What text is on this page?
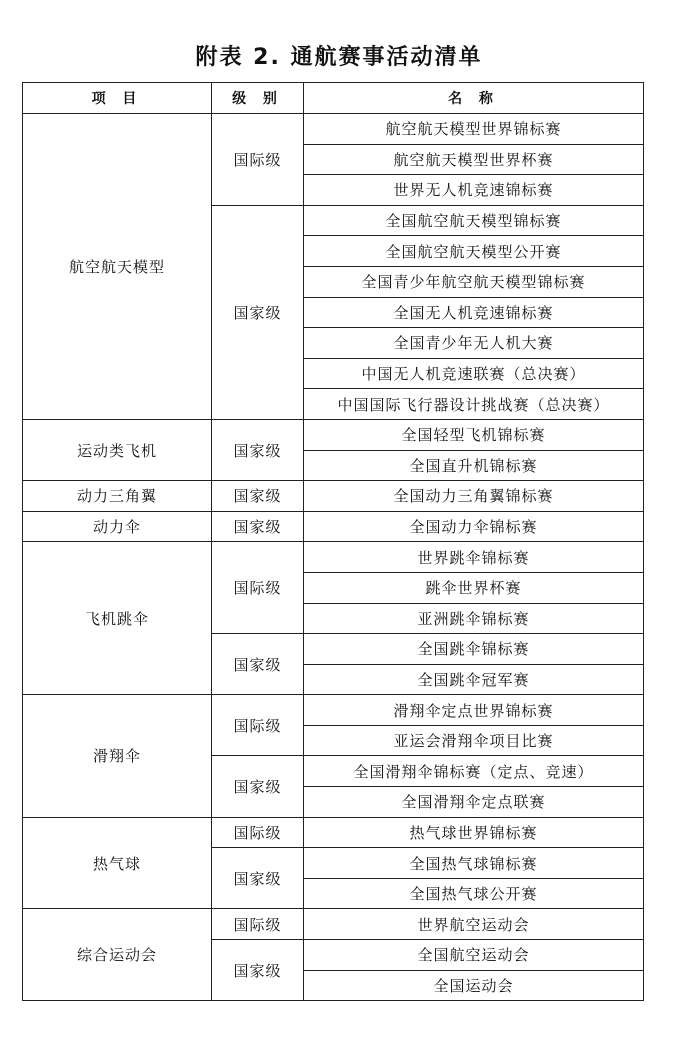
附表 2. 通航赛事活动清单
项 目	级 别	名 称
航空航天模型	国际级	航空航天模型世界锦标赛
		航空航天模型世界杯赛
		世界无人机竞速锦标赛
	国家级	全国航空航天模型锦标赛
		全国航空航天模型公开赛
		全国青少年航空航天模型锦标赛
		全国无人机竞速锦标赛
		全国青少年无人机大赛
		中国无人机竞速联赛（总决赛）
		中国国际飞行器设计挑战赛（总决赛）
运动类飞机	国家级	全国轻型飞机锦标赛
		全国直升机锦标赛
动力三角翼	国家级	全国动力三角翼锦标赛
动力伞	国家级	全国动力伞锦标赛
飞机跳伞	国际级	世界跳伞锦标赛
		跳伞世界杯赛
		亚洲跳伞锦标赛
	国家级	全国跳伞锦标赛
		全国跳伞冠军赛
滑翔伞	国际级	滑翔伞定点世界锦标赛
		亚运会滑翔伞项目比赛
	国家级	全国滑翔伞锦标赛（定点、竞速）
		全国滑翔伞定点联赛
热气球	国际级	热气球世界锦标赛
	国家级	全国热气球锦标赛
		全国热气球公开赛
综合运动会	国际级	世界航空运动会
	国家级	全国航空运动会
		全国运动会
